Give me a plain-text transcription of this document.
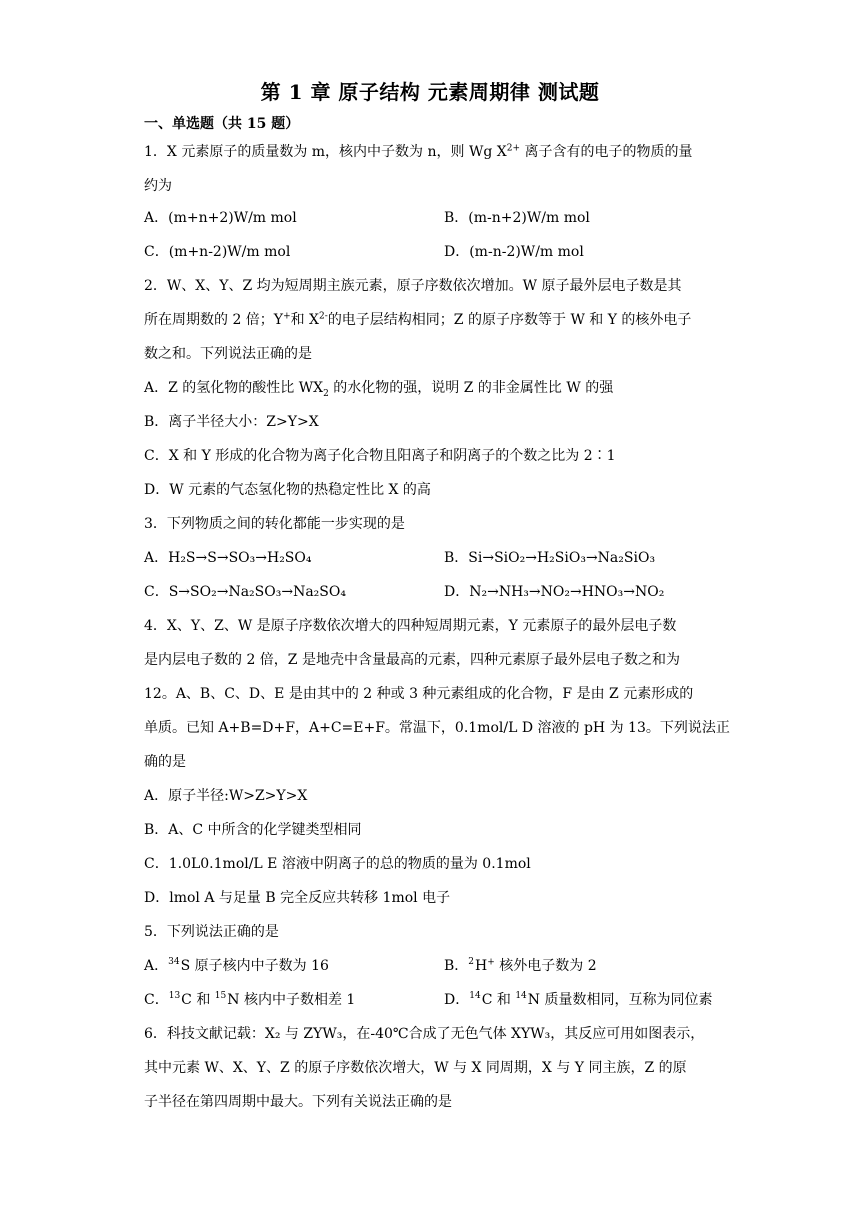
第 1 章 原子结构 元素周期律 测试题
一、单选题（共 15 题）
1．X 元素原子的质量数为 m，核内中子数为 n，则 Wg $X^{2+}$ 离子含有的电子的物质的量
约为
A．(m+n+2)W/m mol	B．(m-n+2)W/m mol
C．(m+n-2)W/m mol	D．(m-n-2)W/m mol
2．W、X、Y、Z 均为短周期主族元素，原子序数依次增加。W 原子最外层电子数是其
所在周期数的 2 倍；Y+和 $X^{2-}$的电子层结构相同；Z 的原子序数等于 W 和 Y 的核外电子
数之和。下列说法正确的是
A．Z 的氢化物的酸性比 $WX_2$ 的水化物的强，说明 Z 的非金属性比 W 的强
B．离子半径大小：Z>Y>X
C．X 和 Y 形成的化合物为离子化合物且阳离子和阴离子的个数之比为 2∶1
D．W 元素的气态氢化物的热稳定性比 X 的高
3．下列物质之间的转化都能一步实现的是
A．H₂S→S→SO₃→H₂SO₄	B．Si→SiO₂→H₂SiO₃→Na₂SiO₃
C．S→SO₂→Na₂SO₃→Na₂SO₄	D．N₂→NH₃→NO₂→HNO₃→NO₂
4．X、Y、Z、W 是原子序数依次增大的四种短周期元素，Y 元素原子的最外层电子数
是内层电子数的 2 倍，Z 是地壳中含量最高的元素，四种元素原子最外层电子数之和为
12。A、B、C、D、E 是由其中的 2 种或 3 种元素组成的化合物，F 是由 Z 元素形成的
单质。已知 A+B=D+F，A+C=E+F。常温下，0.1mol/L D 溶液的 pH 为 13。下列说法正
确的是
A．原子半径:W>Z>Y>X
B．A、C 中所含的化学键类型相同
C．1.0L0.1mol/L E 溶液中阴离子的总的物质的量为 0.1mol
D．lmol A 与足量 B 完全反应共转移 1mol 电子
5．下列说法正确的是
A．$^{34}$S 原子核内中子数为 16	B．$^2$H+ 核外电子数为 2
C．$^{13}$C 和 $^{15}$N 核内中子数相差 1	D．$^{14}$C 和 $^{14}$N 质量数相同，互称为同位素
6．科技文献记载：X₂ 与 ZYW₃，在-40℃合成了无色气体 XYW₃，其反应可用如图表示，
其中元素 W、X、Y、Z 的原子序数依次增大，W 与 X 同周期，X 与 Y 同主族，Z 的原
子半径在第四周期中最大。下列有关说法正确的是
